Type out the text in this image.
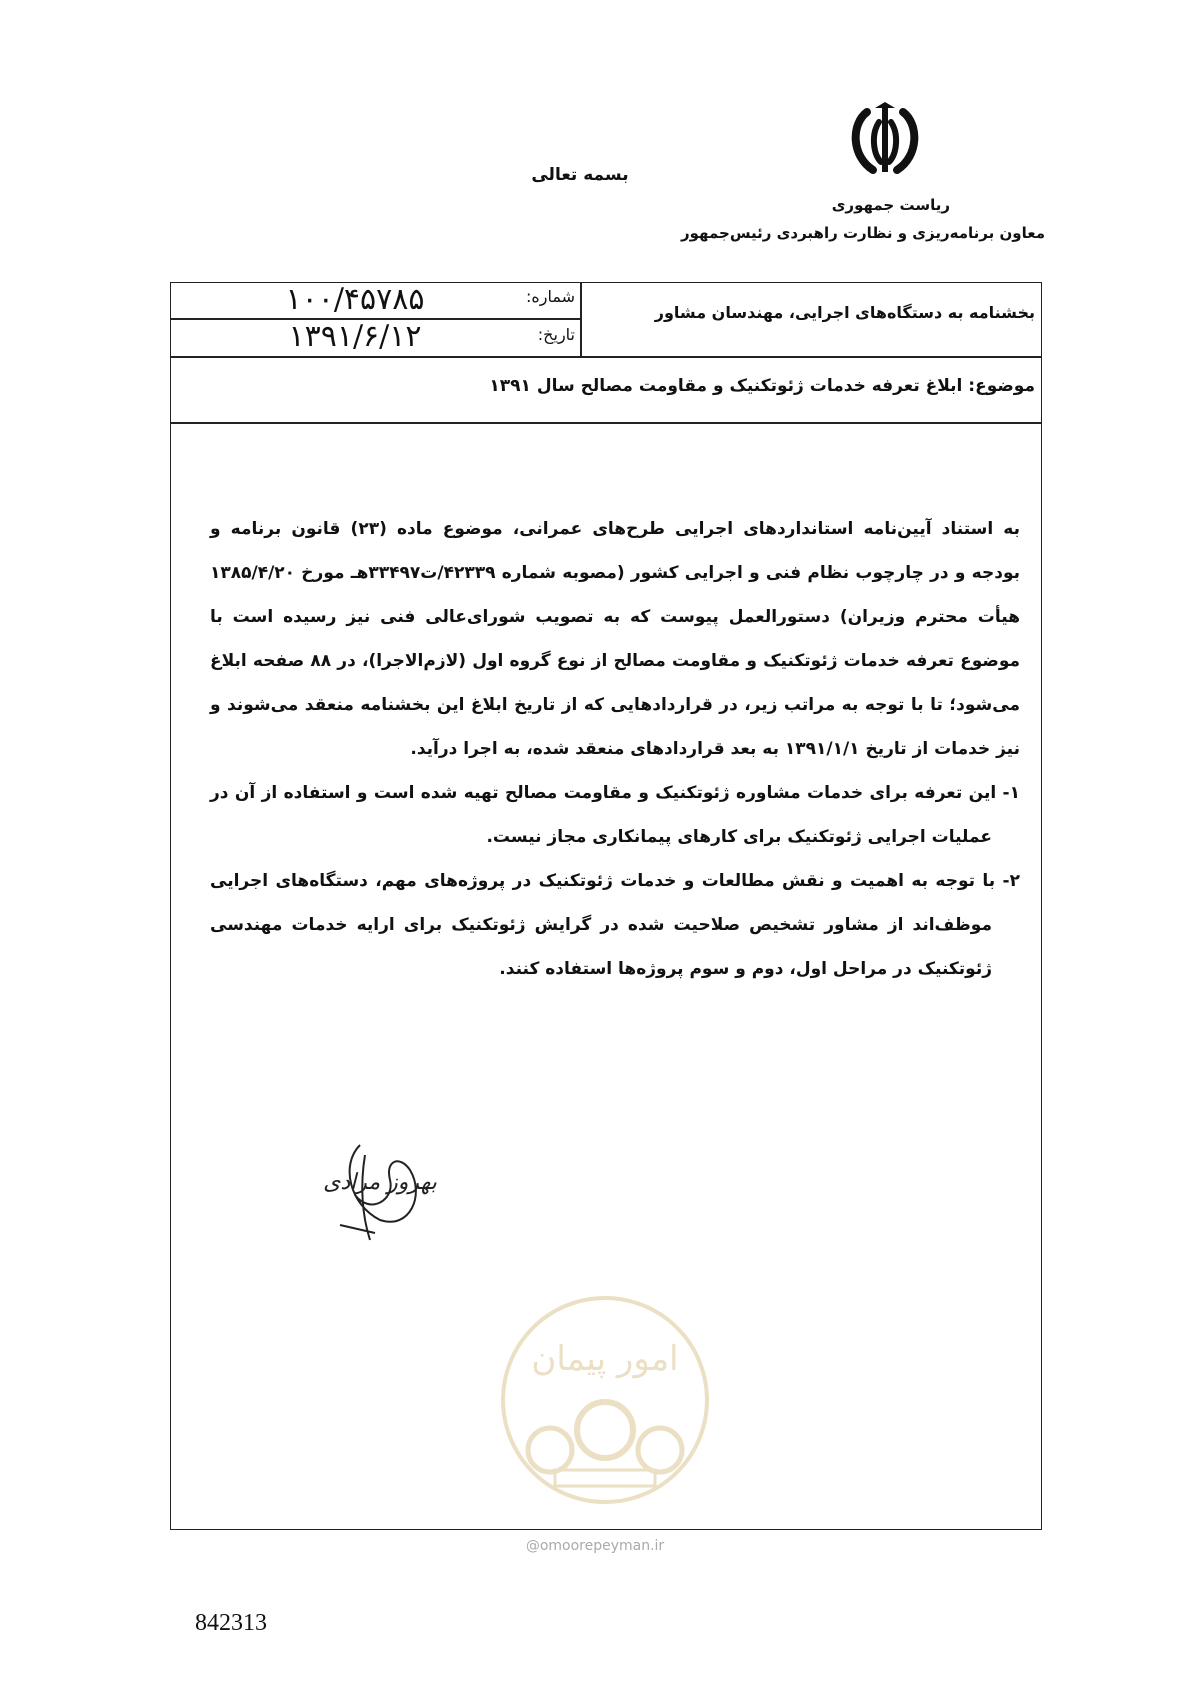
بسمه تعالی
ریاست جمهوری
معاون برنامه‌ریزی و نظارت راهبردی رئیس‌جمهور
بخشنامه به دستگاه‌های اجرایی، مهندسان مشاور
شماره:
تاریخ:
۱۰۰/۴۵۷۸۵
۱۳۹۱/۶/۱۲
موضوع: ابلاغ تعرفه خدمات ژئوتکنیک و مقاومت مصالح سال ۱۳۹۱

به استناد آیین‌نامه استانداردهای اجرایی طرح‌های عمرانی، موضوع ماده (۲۳) قانون برنامه و بودجه و در چارچوب نظام فنی و اجرایی کشور (مصوبه شماره ۴۲۳۳۹/ت۳۳۴۹۷هـ مورخ ۱۳۸۵/۴/۲۰ هیأت محترم وزیران) دستورالعمل پیوست که به تصویب شورای‌عالی فنی نیز رسیده است با موضوع تعرفه خدمات ژئوتکنیک و مقاومت مصالح از نوع گروه اول (لازم‌الاجرا)، در ۸۸ صفحه ابلاغ می‌شود؛ تا با توجه به مراتب زیر، در قراردادهایی که از تاریخ ابلاغ این بخشنامه منعقد می‌شوند و نیز خدمات از تاریخ ۱۳۹۱/۱/۱ به بعد قراردادهای منعقد شده، به اجرا درآید.

۱- این تعرفه برای خدمات مشاوره ژئوتکنیک و مقاومت مصالح تهیه شده است و استفاده از آن در عملیات اجرایی ژئوتکنیک برای کارهای پیمانکاری مجاز نیست.

۲- با توجه به اهمیت و نقش مطالعات و خدمات ژئوتکنیک در پروژه‌های مهم، دستگاه‌های اجرایی موظف‌اند از مشاور تشخیص صلاحیت شده در گرایش ژئوتکنیک برای ارایه خدمات مهندسی ژئوتکنیک در مراحل اول، دوم و سوم پروژه‌ها استفاده کنند.

بهروز مرادی
امور پیمان
@omoorepeyman.ir
842313
